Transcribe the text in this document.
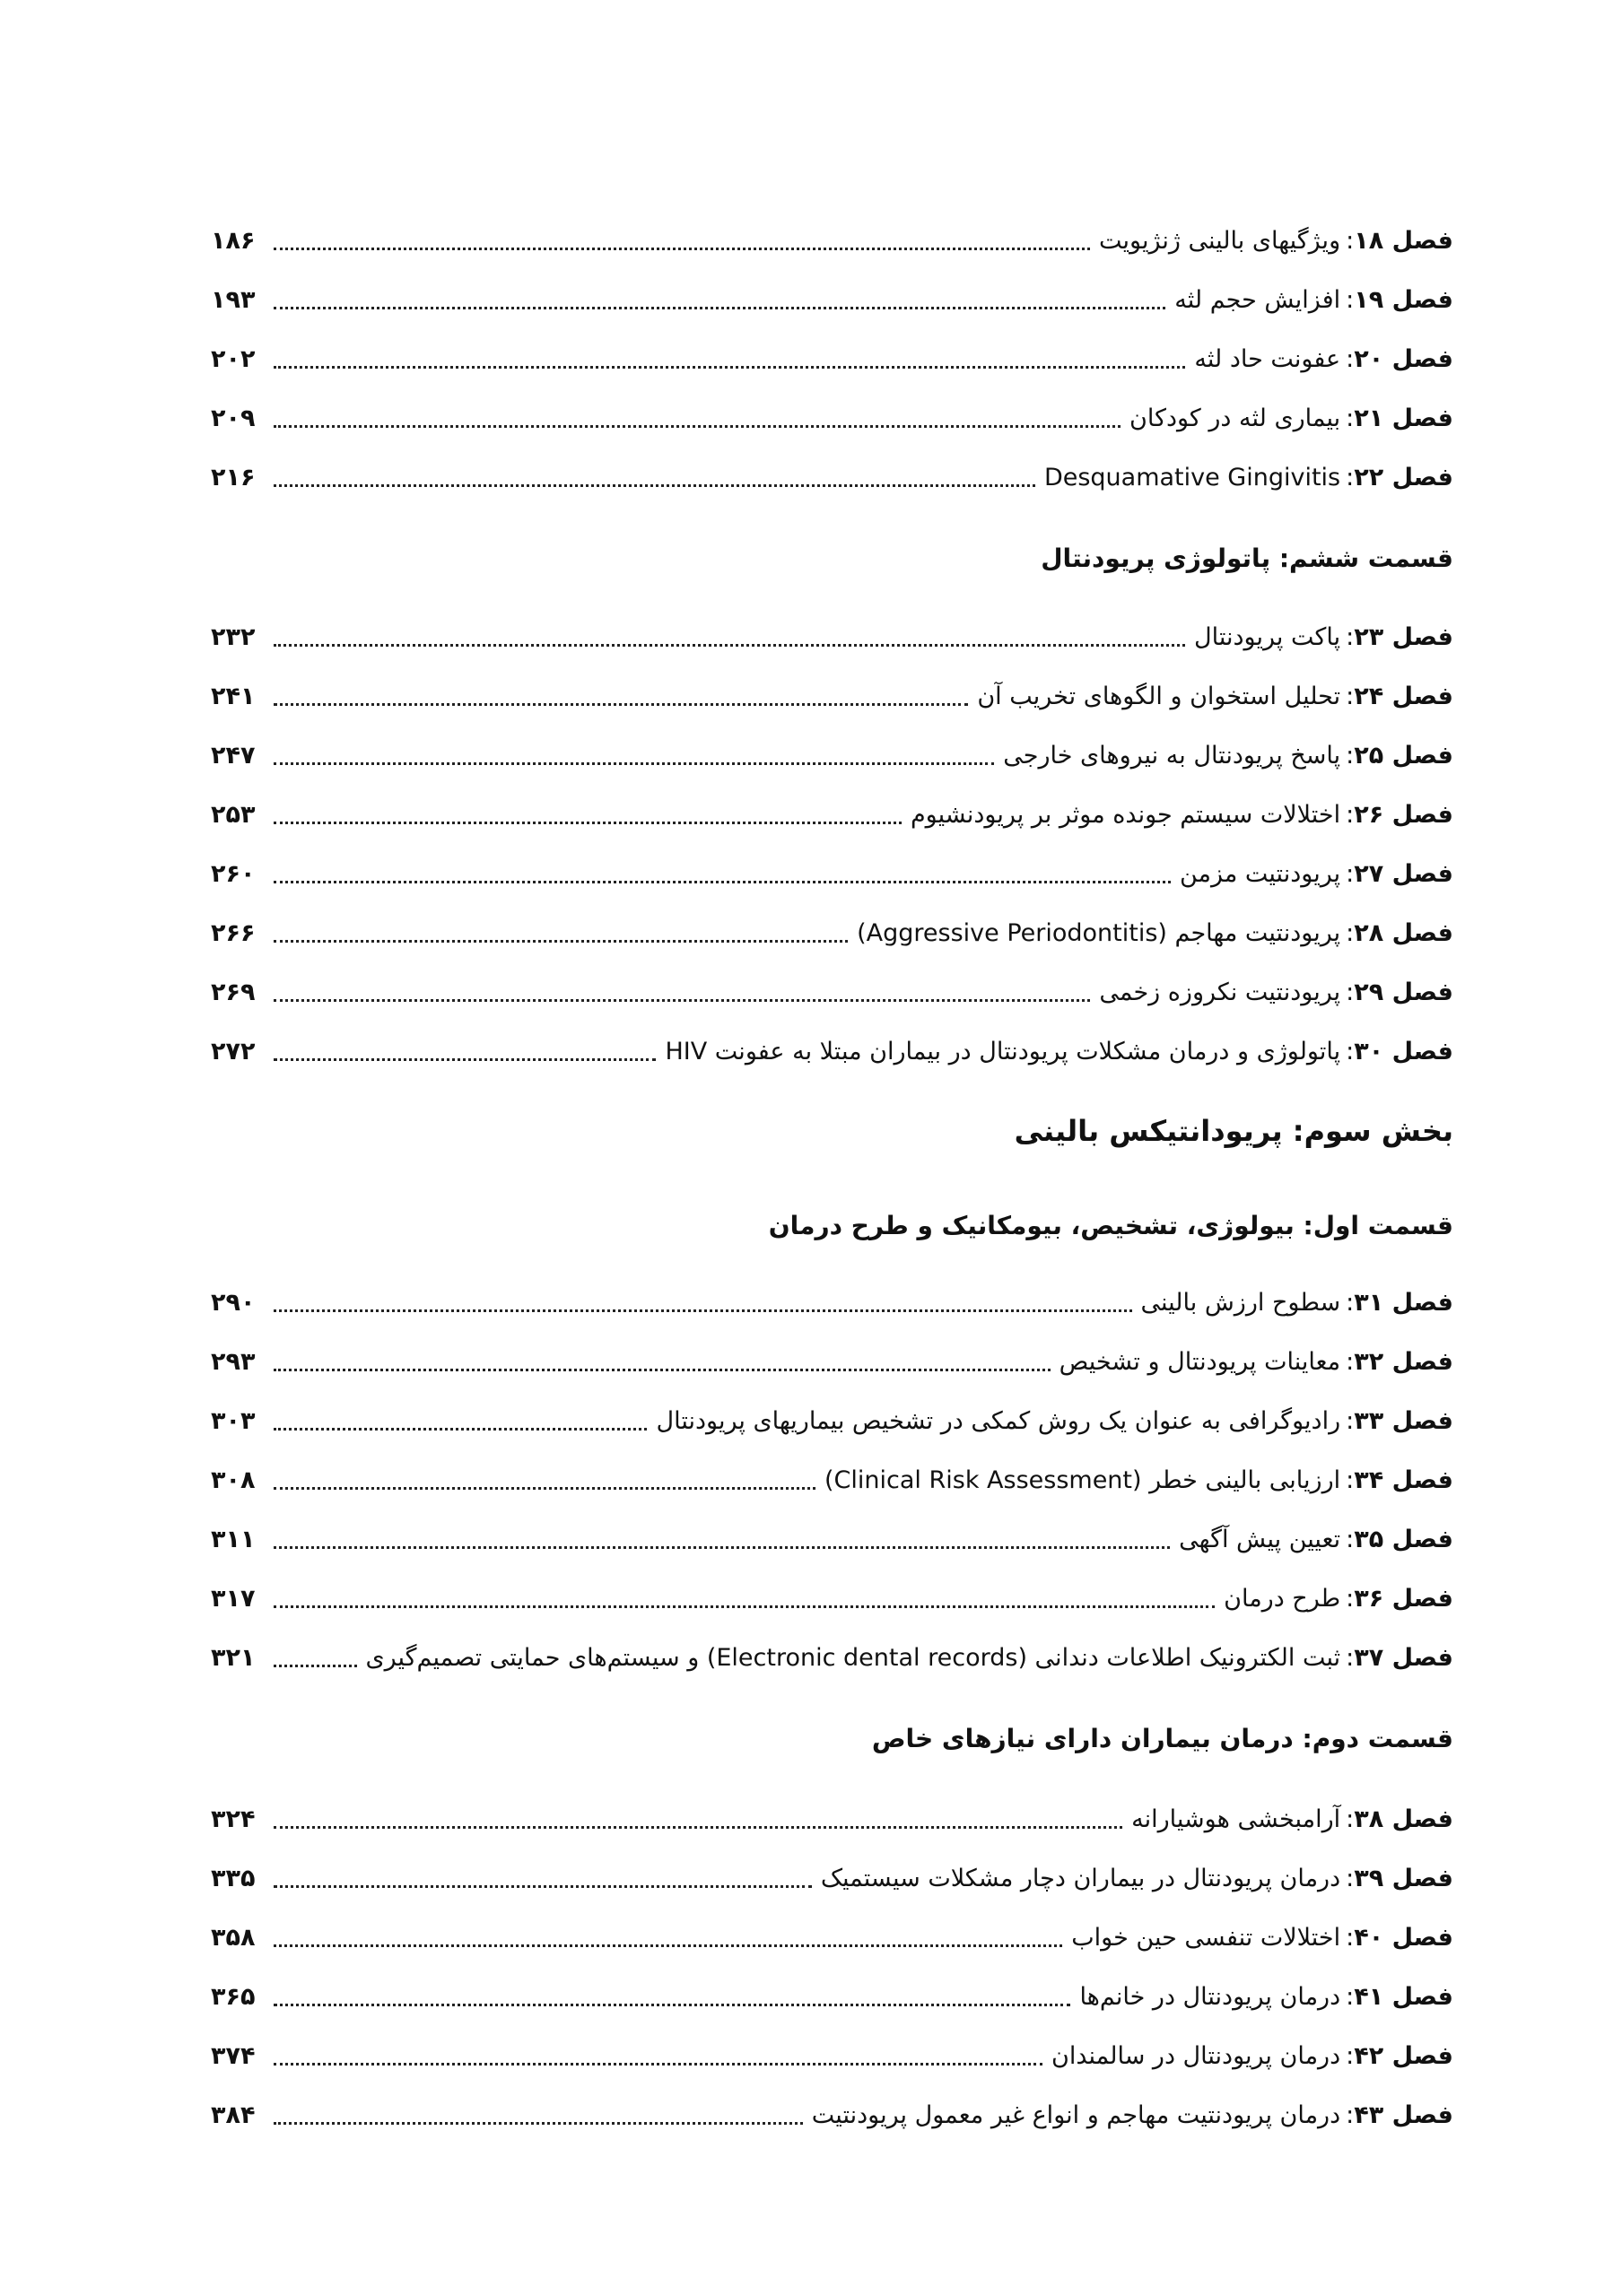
فصل ۱۸
:
ویژگیهای بالینی ژنژیویت
۱۸۶
فصل ۱۹
:
افزایش حجم لثه
۱۹۳
فصل ۲۰
:
عفونت حاد لثه
۲۰۲
فصل ۲۱
:
بیماری لثه در کودکان
۲۰۹
فصل ۲۲
:
Desquamative Gingivitis
۲۱۶
قسمت ششم: پاتولوژی پریودنتال
فصل ۲۳
:
پاکت پریودنتال
۲۳۲
فصل ۲۴
:
تحلیل استخوان و الگوهای تخریب آن
۲۴۱
فصل ۲۵
:
پاسخ پریودنتال به نیروهای خارجی
۲۴۷
فصل ۲۶
:
اختلالات سیستم جونده موثر بر پریودنشیوم
۲۵۳
فصل ۲۷
:
پریودنتیت مزمن
۲۶۰
فصل ۲۸
:
پریودنتیت مهاجم (Aggressive Periodontitis)
۲۶۶
فصل ۲۹
:
پریودنتیت نکروزه زخمی
۲۶۹
فصل ۳۰
:
پاتولوژی و درمان مشکلات پریودنتال در بیماران مبتلا به عفونت HIV
۲۷۲
بخش سوم: پریودانتیکس بالینی
قسمت اول: بیولوژی، تشخیص، بیومکانیک و طرح درمان
فصل ۳۱
:
سطوح ارزش بالینی
۲۹۰
فصل ۳۲
:
معاینات پریودنتال و تشخیص
۲۹۳
فصل ۳۳
:
رادیوگرافی به عنوان یک روش کمکی در تشخیص بیماریهای پریودنتال
۳۰۳
فصل ۳۴
:
ارزیابی بالینی خطر (Clinical Risk Assessment)
۳۰۸
فصل ۳۵
:
تعیین پیش آگهی
۳۱۱
فصل ۳۶
:
طرح درمان
۳۱۷
فصل ۳۷
:
ثبت الکترونیک اطلاعات دندانی (Electronic dental records) و سیستم‌های حمایتی تصمیم‌گیری
۳۲۱
قسمت دوم: درمان بیماران دارای نیازهای خاص
فصل ۳۸
:
آرامبخشی هوشیارانه
۳۲۴
فصل ۳۹
:
درمان پریودنتال در بیماران دچار مشکلات سیستمیک
۳۳۵
فصل ۴۰
:
اختلالات تنفسی حین خواب
۳۵۸
فصل ۴۱
:
درمان پریودنتال در خانم‌ها
۳۶۵
فصل ۴۲
:
درمان پریودنتال در سالمندان
۳۷۴
فصل ۴۳
:
درمان پریودنتیت مهاجم و انواع غیر معمول پریودنتیت
۳۸۴
